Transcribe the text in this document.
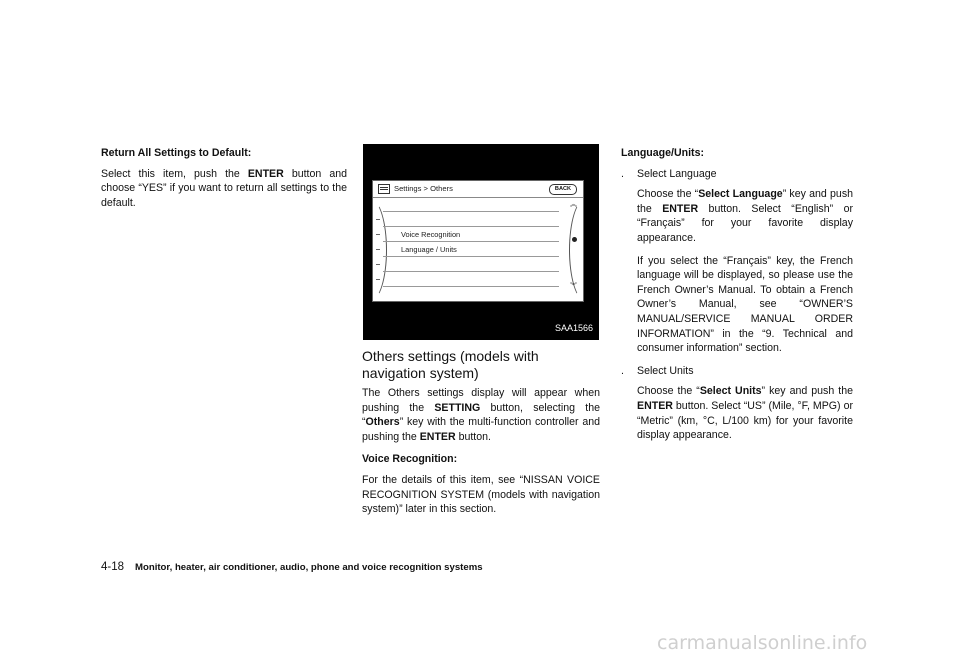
Return All Settings to Default:

Select this item, push the ENTER button and choose “YES” if you want to return all settings to the default.

Settings > Others	BACK
Voice Recognition
Language / Units
︽
︾
SAA1566
Others settings (models with navigation system)

The Others settings display will appear when pushing the SETTING button, selecting the “Others” key with the multi-function controller and pushing the ENTER button.

Voice Recognition:

For the details of this item, see “NISSAN VOICE RECOGNITION SYSTEM (models with navigation system)” later in this section.

Language/Units:
. Select Language

Choose the “Select Language” key and push the ENTER button. Select “English” or “Français” for your favorite display appearance.

If you select the “Français” key, the French language will be displayed, so please use the French Owner’s Manual. To obtain a French Owner’s Manual, see “OWNER’S MANUAL/SERVICE MANUAL ORDER INFORMATION” in the “9. Technical and consumer information” section.

. Select Units

Choose the “Select Units” key and push the ENTER button. Select “US” (Mile, °F, MPG) or “Metric” (km, °C, L/100 km) for your favorite display appearance.

4-18 Monitor, heater, air conditioner, audio, phone and voice recognition systems
carmanualsonline.info
